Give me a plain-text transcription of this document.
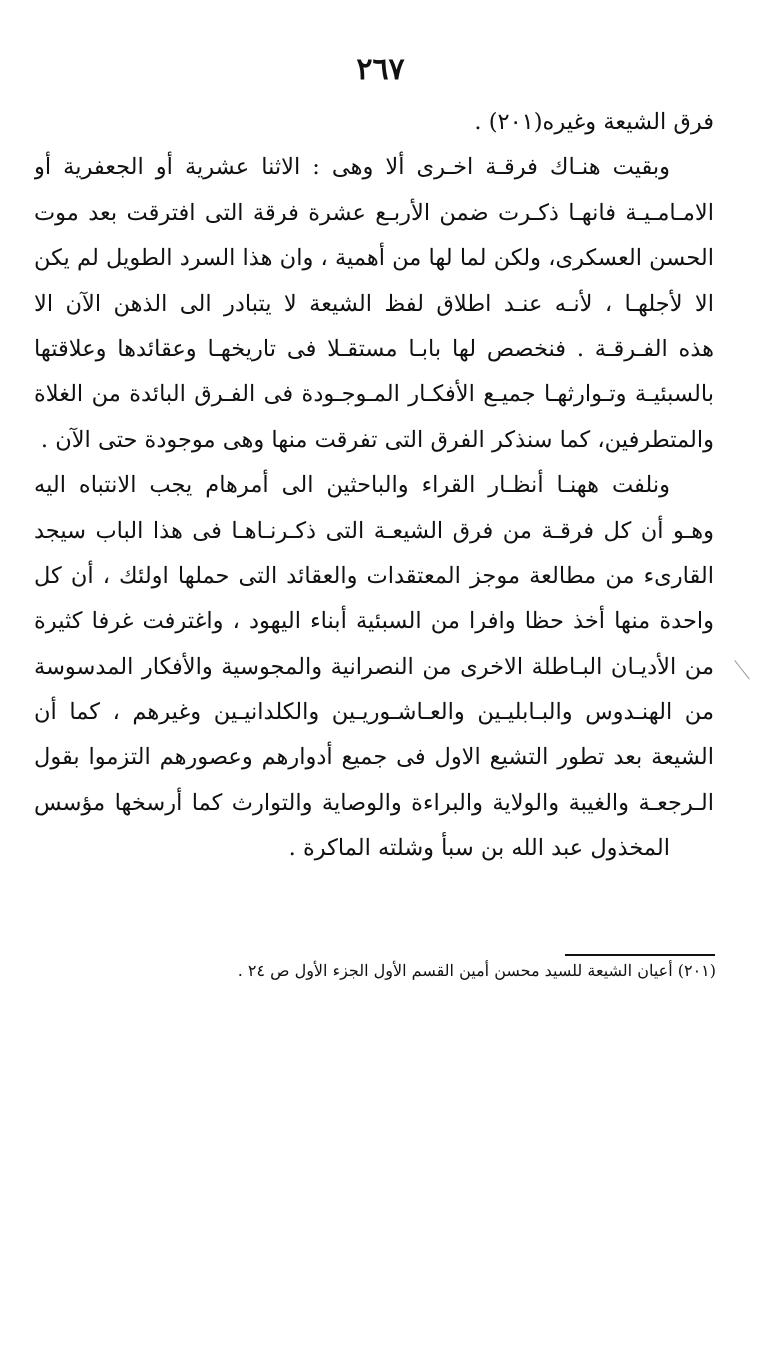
٢٦٧
فرق الشيعة وغيره(٢٠١) .
وبقيت هنـاك فرقـة اخـرى ألا وهى : الاثنا عشرية أو الجعفرية أو
الامـامـيـة فانهـا ذكـرت ضمن الأربـع عشرة فرقة التى افترقت بعد موت
الحسن العسكرى، ولكن لما لها من أهمية ، وان هذا السرد الطويل لم يكن
الا لأجلهـا ، لأنـه عنـد اطلاق لفظ الشيعة لا يتبادر الى الذهن الآن الا
هذه الفـرقـة . فنخصص لها بابـا مستقـلا فى تاريخهـا وعقائدها وعلاقتها
بالسبئيـة وتـوارثهـا جميـع الأفكـار المـوجـودة فى الفـرق البائدة من الغلاة
والمتطرفين، كما سنذكر الفرق التى تفرقت منها وهى موجودة حتى الآن .
ونلفت ههنـا أنظـار القراء والباحثين الى أمرهام يجب الانتباه اليه
وهـو أن كل فرقـة من فرق الشيعـة التى ذكـرنـاهـا فى هذا الباب سيجد
القارىء من مطالعة موجز المعتقدات والعقائد التى حملها اولئك ، أن كل
واحدة منها أخذ حظا وافرا من السبئية أبناء اليهود ، واغترفت غرفا كثيرة
من الأديـان البـاطلة الاخرى من النصرانية والمجوسية والأفكار المدسوسة
من الهنـدوس والبـابليـين والعـاشـوريـين والكلدانيـين وغيرهم ، كما أن
الشيعة بعد تطور التشيع الاول فى جميع أدوارهم وعصورهم التزموا بقول
الـرجعـة والغيبة والولاية والبراءة والوصاية والتوارث كما أرسخها مؤسس
المخذول عبد الله بن سبأ وشلته الماكرة .
(٢٠١) أعيان الشيعة للسيد محسن أمين القسم الأول الجزء الأول ص ٢٤ .
